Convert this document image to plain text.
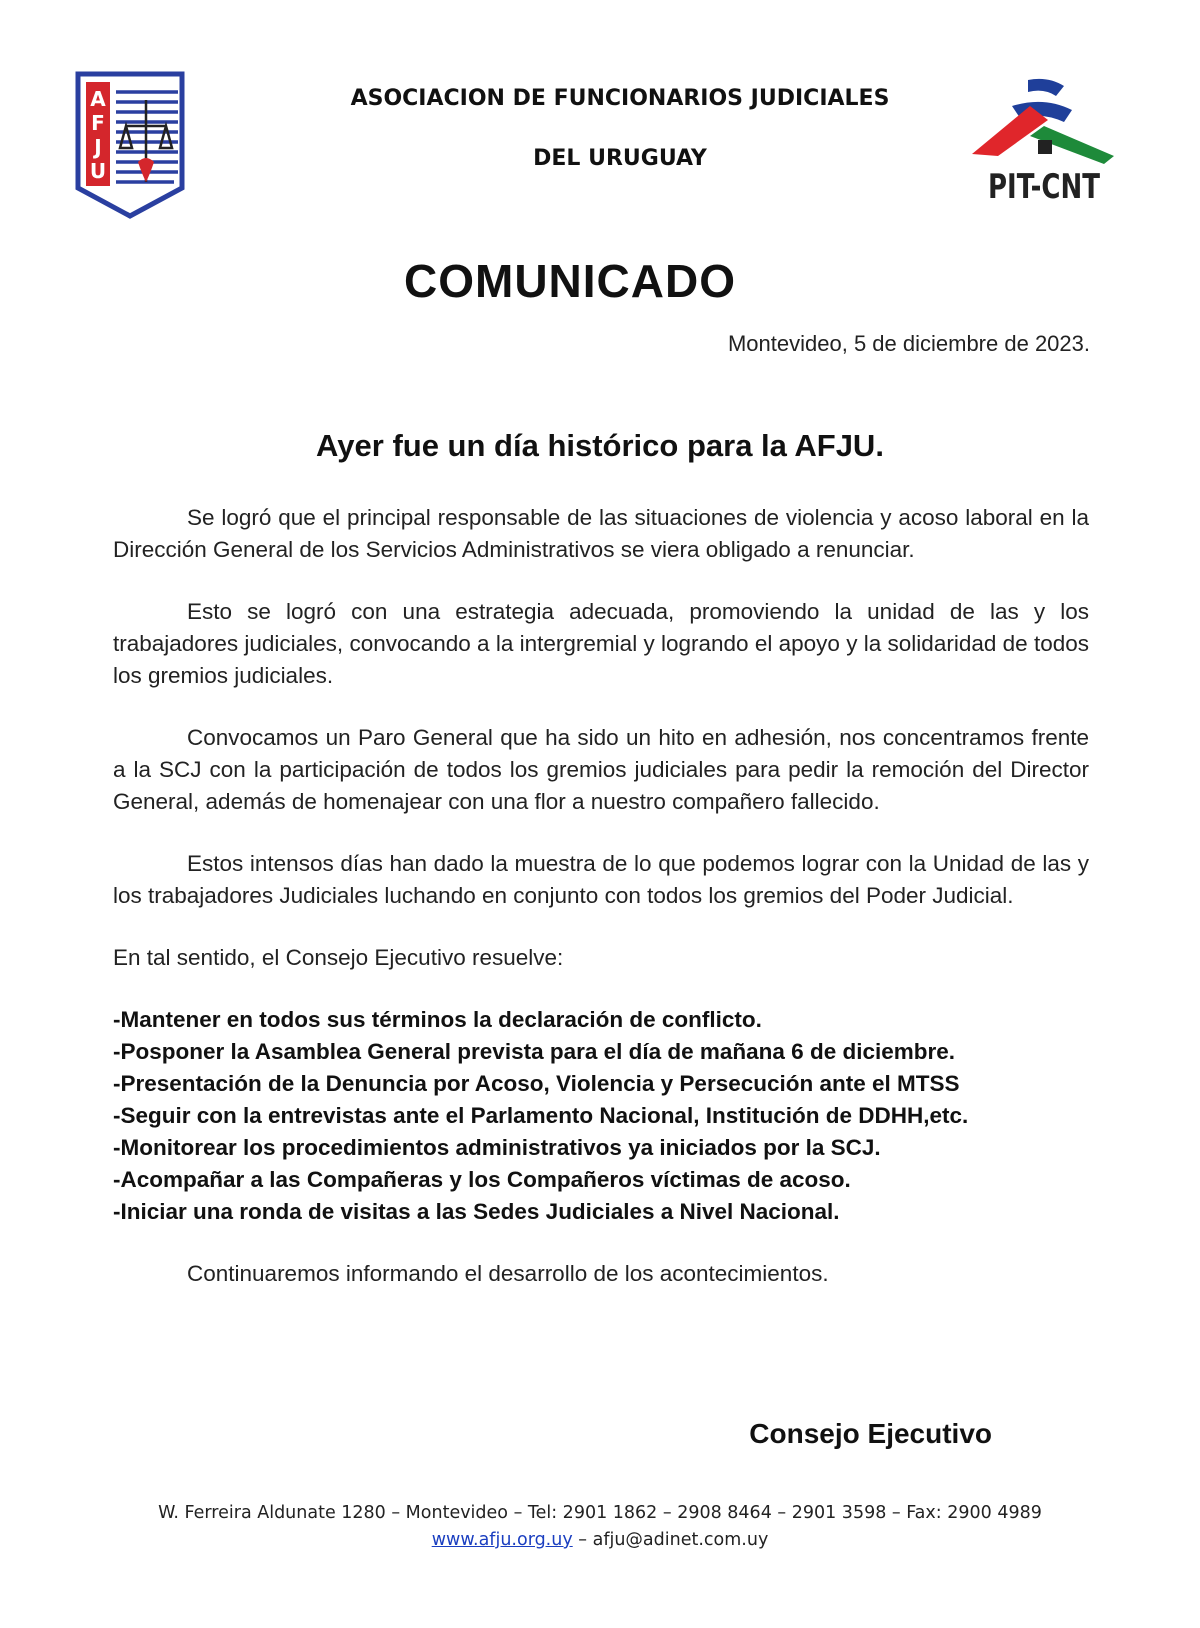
A
F
J
U
ASOCIACION DE FUNCIONARIOS JUDICIALES
DEL URUGUAY
PIT-CNT
COMUNICADO
Montevideo, 5 de diciembre de 2023.
Ayer fue un día histórico para la AFJU.

Se logró que el principal responsable de las situaciones de violencia y acoso laboral en la Dirección General de los Servicios Administrativos se viera obligado a renunciar.

Esto se logró con una estrategia adecuada, promoviendo la unidad de las y los trabajadores judiciales, convocando a la intergremial y logrando el apoyo y la solidaridad de todos los gremios judiciales.

Convocamos un Paro General que ha sido un hito en adhesión, nos concentramos frente a la SCJ con la participación de todos los gremios judiciales para pedir la remoción del Director General, además de homenajear con una flor a nuestro compañero fallecido.

Estos intensos días han dado la muestra de lo que podemos lograr con la Unidad de las y los trabajadores Judiciales luchando en conjunto con todos los gremios del Poder Judicial.

En tal sentido, el Consejo Ejecutivo resuelve:

-Mantener en todos sus términos la declaración de conflicto.
-Posponer la Asamblea General prevista para el día de mañana 6 de diciembre.
-Presentación de la Denuncia por Acoso, Violencia y Persecución ante el MTSS
-Seguir con la entrevistas ante el Parlamento Nacional, Institución de DDHH,etc.
-Monitorear los procedimientos administrativos ya iniciados por la SCJ.
-Acompañar a las Compañeras y los Compañeros víctimas de acoso.
-Iniciar una ronda de visitas a las Sedes Judiciales a Nivel Nacional.

Continuaremos informando el desarrollo de los acontecimientos.

Consejo Ejecutivo
W. Ferreira Aldunate 1280 – Montevideo – Tel: 2901 1862 – 2908 8464 – 2901 3598 – Fax: 2900 4989
www.afju.org.uy – afju@adinet.com.uy
